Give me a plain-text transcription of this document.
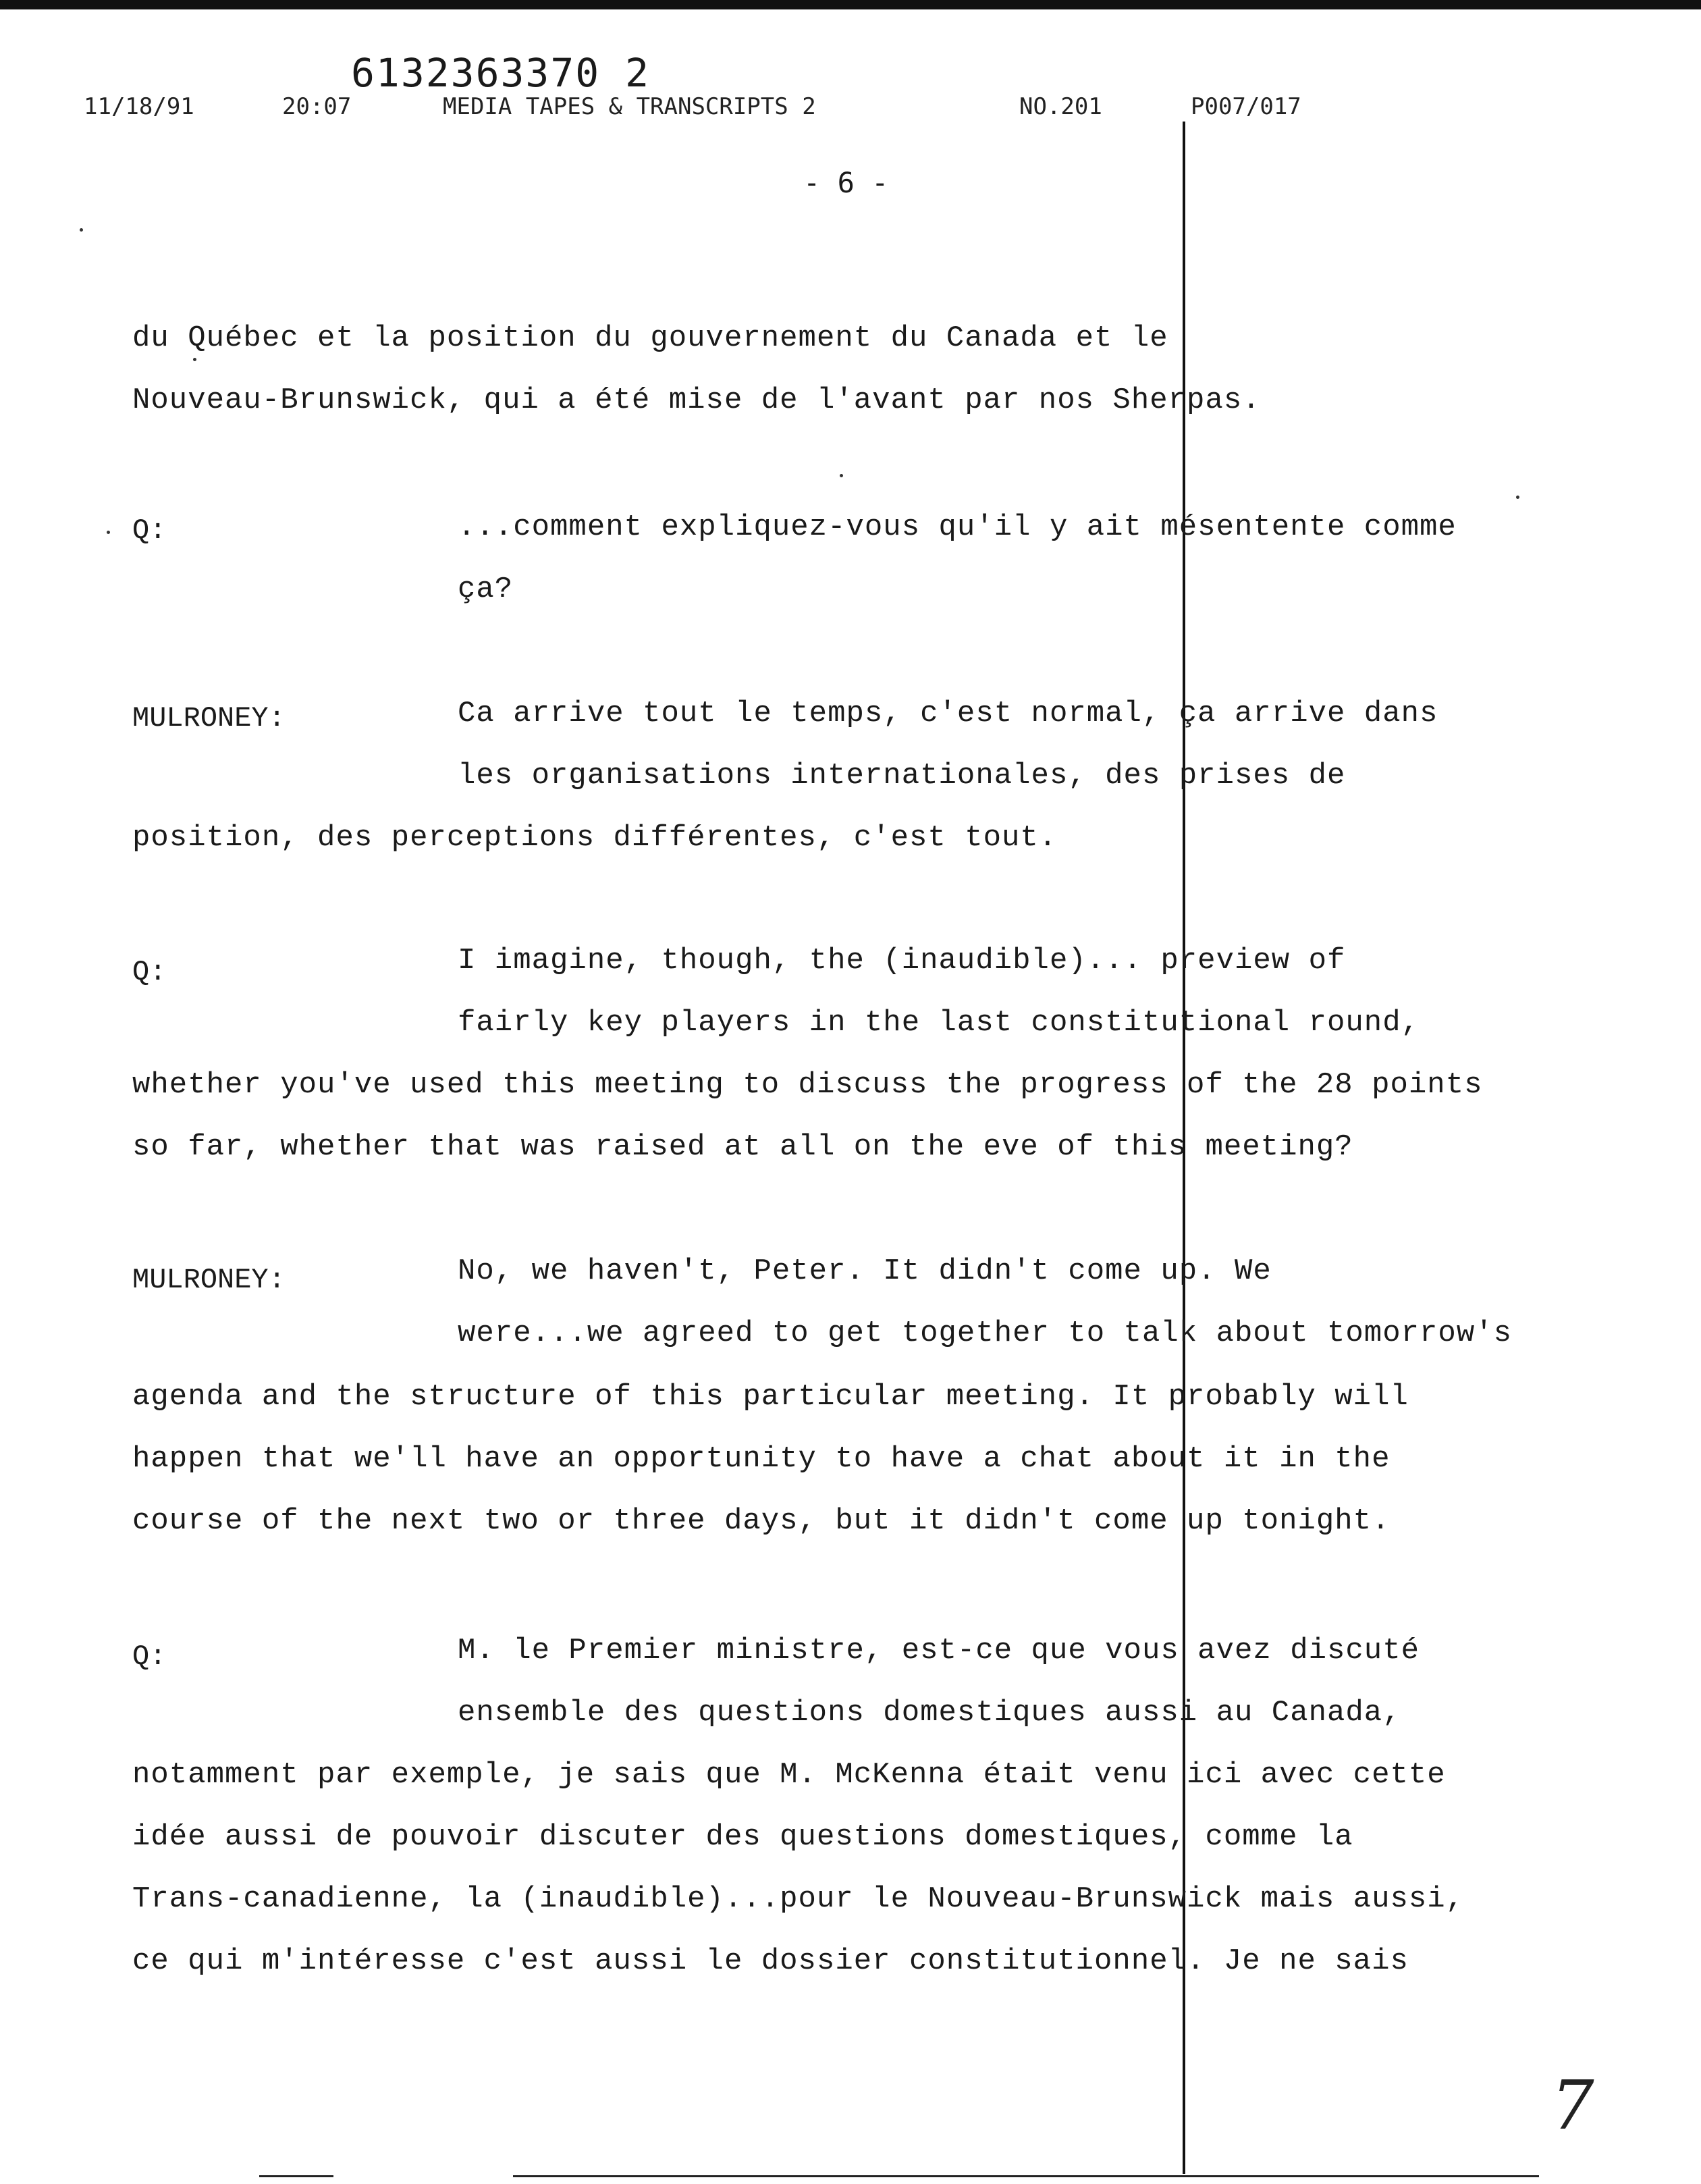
6132363370 2
11/18/91	20:07	MEDIA TAPES & TRANSCRIPTS 2	NO.201	P007/017
- 6 -
du Québec et la position du gouvernement du Canada et le
Nouveau-Brunswick, qui a été mise de l'avant par nos Sherpas.
Q:	...comment expliquez-vous qu'il y ait mésentente comme
ça?
MULRONEY:	Ca arrive tout le temps, c'est normal, ça arrive dans
les organisations internationales, des prises de
position, des perceptions différentes, c'est tout.
Q:	I imagine, though, the (inaudible)... preview of
fairly key players in the last constitutional round,
whether you've used this meeting to discuss the progress of the 28 points
so far, whether that was raised at all on the eve of this meeting?
MULRONEY:	No, we haven't, Peter. It didn't come up. We
were...we agreed to get together to talk about tomorrow's
agenda and the structure of this particular meeting. It probably will
happen that we'll have an opportunity to have a chat about it in the
course of the next two or three days, but it didn't come up tonight.
Q:	M. le Premier ministre, est-ce que vous avez discuté
ensemble des questions domestiques aussi au Canada,
notamment par exemple, je sais que M. McKenna était venu ici avec cette
idée aussi de pouvoir discuter des questions domestiques, comme la
Trans-canadienne, la (inaudible)...pour le Nouveau-Brunswick mais aussi,
ce qui m'intéresse c'est aussi le dossier constitutionnel. Je ne sais
7
